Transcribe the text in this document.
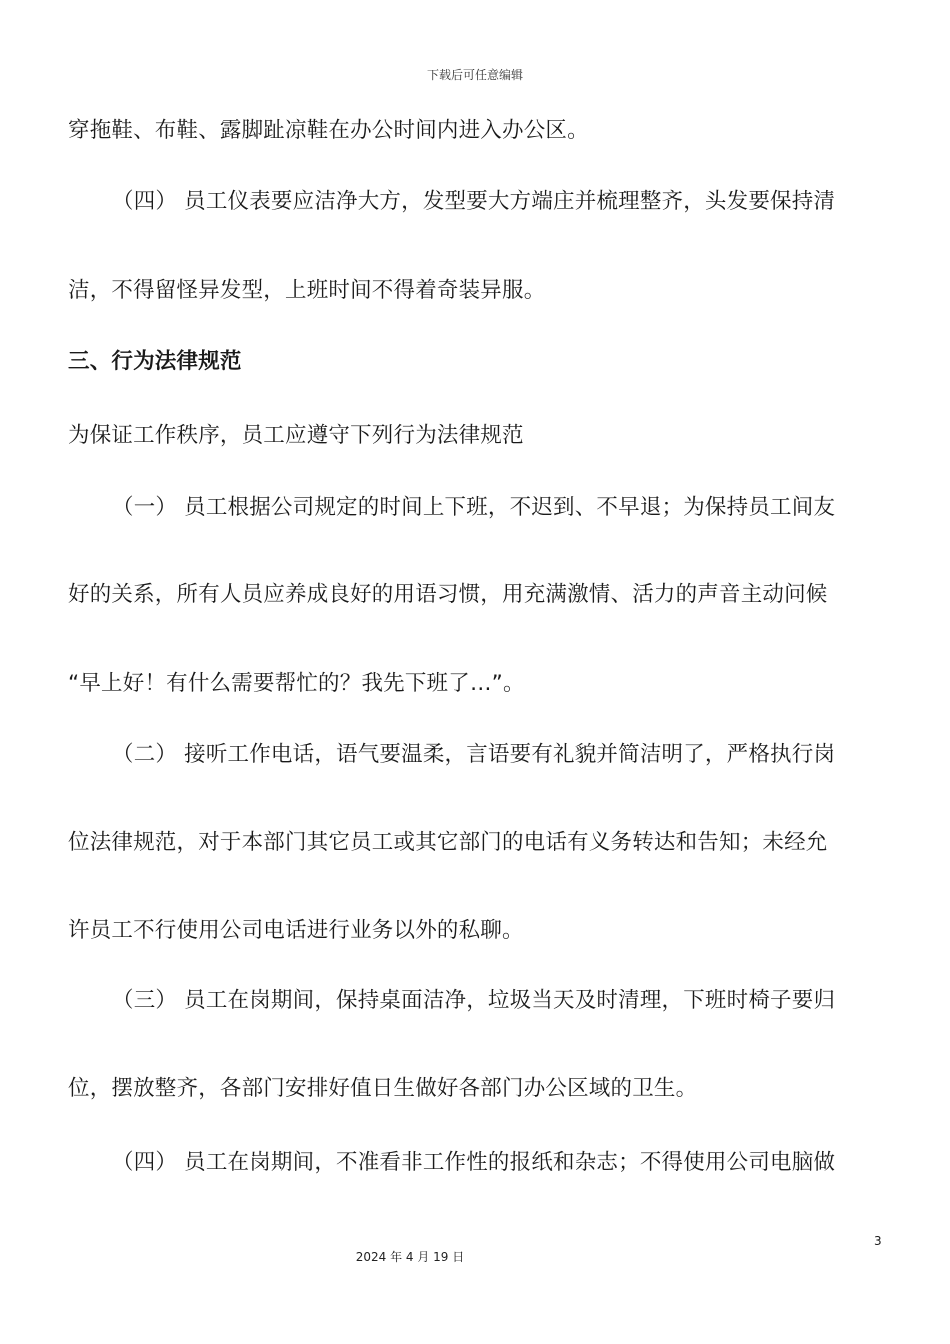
下载后可任意编辑
穿拖鞋、布鞋、露脚趾凉鞋在办公时间内进入办公区。
（四） 员工仪表要应洁净大方，发型要大方端庄并梳理整齐，头发要保持清
洁，不得留怪异发型，上班时间不得着奇装异服。
三、行为法律规范
为保证工作秩序，员工应遵守下列行为法律规范
（一） 员工根据公司规定的时间上下班，不迟到、不早退；为保持员工间友
好的关系，所有人员应养成良好的用语习惯，用充满激情、活力的声音主动问候
“早上好！有什么需要帮忙的？我先下班了…”。
（二） 接听工作电话，语气要温柔，言语要有礼貌并简洁明了，严格执行岗
位法律规范，对于本部门其它员工或其它部门的电话有义务转达和告知；未经允
许员工不行使用公司电话进行业务以外的私聊。
（三） 员工在岗期间，保持桌面洁净，垃圾当天及时清理，下班时椅子要归
位，摆放整齐，各部门安排好值日生做好各部门办公区域的卫生。
（四） 员工在岗期间，不准看非工作性的报纸和杂志；不得使用公司电脑做
3
2024 年 4 月 19 日
